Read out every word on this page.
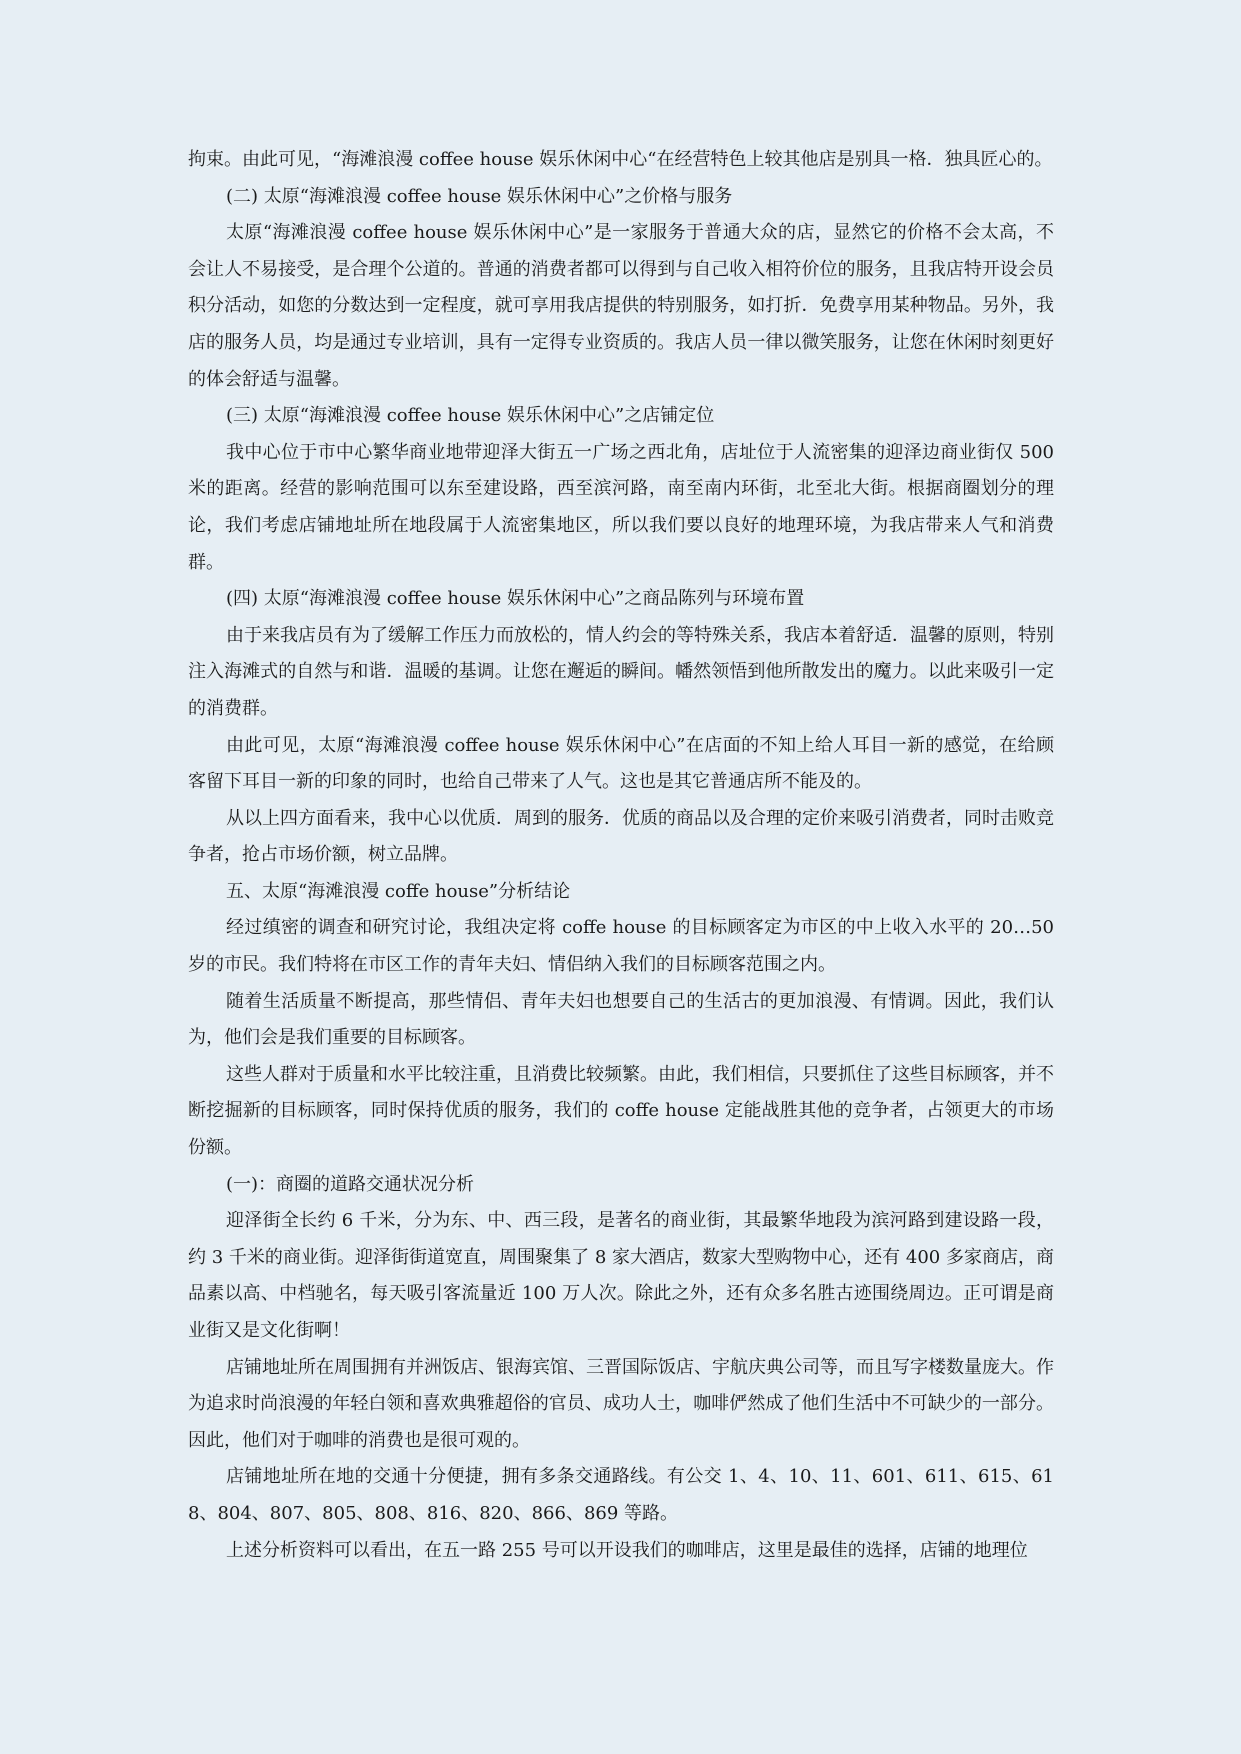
拘束。由此可见，“海滩浪漫 coffee house 娱乐休闲中心“在经营特色上较其他店是别具一格．独具匠心的。

(二) 太原“海滩浪漫 coffee house 娱乐休闲中心”之价格与服务

太原“海滩浪漫 coffee house 娱乐休闲中心”是一家服务于普通大众的店，显然它的价格不会太高，不会让人不易接受，是合理个公道的。普通的消费者都可以得到与自己收入相符价位的服务，且我店特开设会员积分活动，如您的分数达到一定程度，就可享用我店提供的特别服务，如打折．免费享用某种物品。另外，我店的服务人员，均是通过专业培训，具有一定得专业资质的。我店人员一律以微笑服务，让您在休闲时刻更好的体会舒适与温馨。

(三) 太原“海滩浪漫 coffee house 娱乐休闲中心”之店铺定位

我中心位于市中心繁华商业地带迎泽大街五一广场之西北角，店址位于人流密集的迎泽边商业街仅 500 米的距离。经营的影响范围可以东至建设路，西至滨河路，南至南内环街，北至北大街。根据商圈划分的理论，我们考虑店铺地址所在地段属于人流密集地区，所以我们要以良好的地理环境，为我店带来人气和消费群。

(四) 太原“海滩浪漫 coffee house 娱乐休闲中心”之商品陈列与环境布置

由于来我店员有为了缓解工作压力而放松的，情人约会的等特殊关系，我店本着舒适．温馨的原则，特别注入海滩式的自然与和谐．温暖的基调。让您在邂逅的瞬间。幡然领悟到他所散发出的魔力。以此来吸引一定的消费群。

由此可见，太原“海滩浪漫 coffee house 娱乐休闲中心”在店面的不知上给人耳目一新的感觉，在给顾客留下耳目一新的印象的同时，也给自己带来了人气。这也是其它普通店所不能及的。

从以上四方面看来，我中心以优质．周到的服务．优质的商品以及合理的定价来吸引消费者，同时击败竞争者，抢占市场价额，树立品牌。

五、太原“海滩浪漫 coffe house”分析结论

经过缜密的调查和研究讨论，我组决定将 coffe house 的目标顾客定为市区的中上收入水平的 20…50 岁的市民。我们特将在市区工作的青年夫妇、情侣纳入我们的目标顾客范围之内。

随着生活质量不断提高，那些情侣、青年夫妇也想要自己的生活古的更加浪漫、有情调。因此，我们认为，他们会是我们重要的目标顾客。

这些人群对于质量和水平比较注重，且消费比较频繁。由此，我们相信，只要抓住了这些目标顾客，并不断挖掘新的目标顾客，同时保持优质的服务，我们的 coffe house 定能战胜其他的竞争者，占领更大的市场份额。

(一)：商圈的道路交通状况分析

迎泽街全长约 6 千米，分为东、中、西三段，是著名的商业街，其最繁华地段为滨河路到建设路一段，约 3 千米的商业街。迎泽街街道宽直，周围聚集了 8 家大酒店，数家大型购物中心，还有 400 多家商店，商品素以高、中档驰名，每天吸引客流量近 100 万人次。除此之外，还有众多名胜古迹围绕周边。正可谓是商业街又是文化街啊！

店铺地址所在周围拥有并洲饭店、银海宾馆、三晋国际饭店、宇航庆典公司等，而且写字楼数量庞大。作为追求时尚浪漫的年轻白领和喜欢典雅超俗的官员、成功人士，咖啡俨然成了他们生活中不可缺少的一部分。因此，他们对于咖啡的消费也是很可观的。

店铺地址所在地的交通十分便捷，拥有多条交通路线。有公交 1、4、10、11、601、611、615、618、804、807、805、808、816、820、866、869 等路。

上述分析资料可以看出，在五一路 255 号可以开设我们的咖啡店，这里是最佳的选择，店铺的地理位
